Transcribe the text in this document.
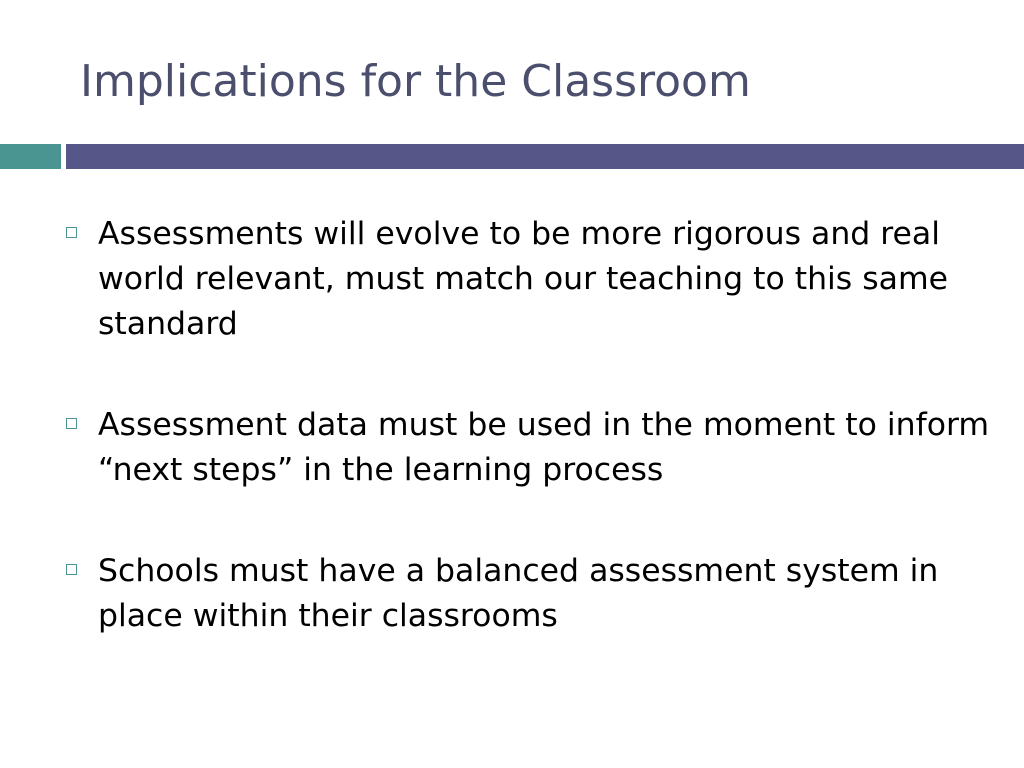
Implications for the Classroom
Assessments will evolve to be more rigorous and real world relevant, must match our teaching to this same standard
Assessment data must be used in the moment to inform “next steps” in the learning process
Schools must have a balanced assessment system in place within their classrooms
